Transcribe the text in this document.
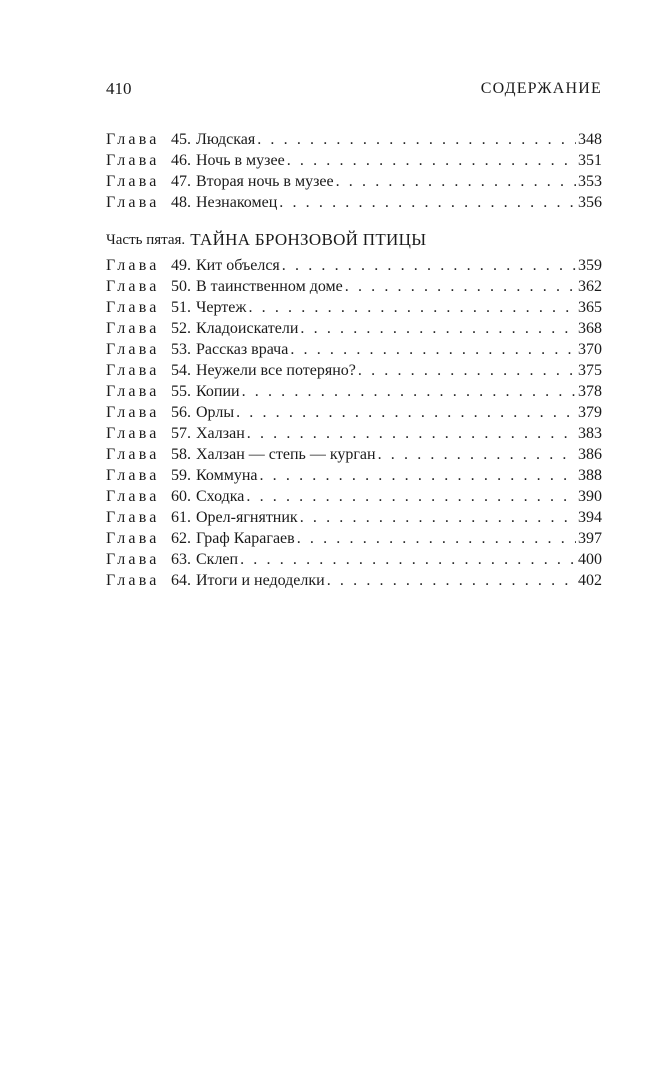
410	СОДЕРЖАНИЕ
Глава 45. Людская . . .	348
Глава 46. Ночь в музее . . .	351
Глава 47. Вторая ночь в музее . . .	353
Глава 48. Незнакомец . . .	356
Часть пятая. ТАЙНА БРОНЗОВОЙ ПТИЦЫ
Глава 49. Кит объелся . . .	359
Глава 50. В таинственном доме . . .	362
Глава 51. Чертеж . . .	365
Глава 52. Кладоискатели . . .	368
Глава 53. Рассказ врача . . .	370
Глава 54. Неужели все потеряно? . . .	375
Глава 55. Копии . . .	378
Глава 56. Орлы . . .	379
Глава 57. Халзан . . .	383
Глава 58. Халзан — степь — курган . . .	386
Глава 59. Коммуна . . .	388
Глава 60. Сходка . . .	390
Глава 61. Орел-ягнятник . . .	394
Глава 62. Граф Карагаев . . .	397
Глава 63. Склеп . . .	400
Глава 64. Итоги и недоделки . . .	402
